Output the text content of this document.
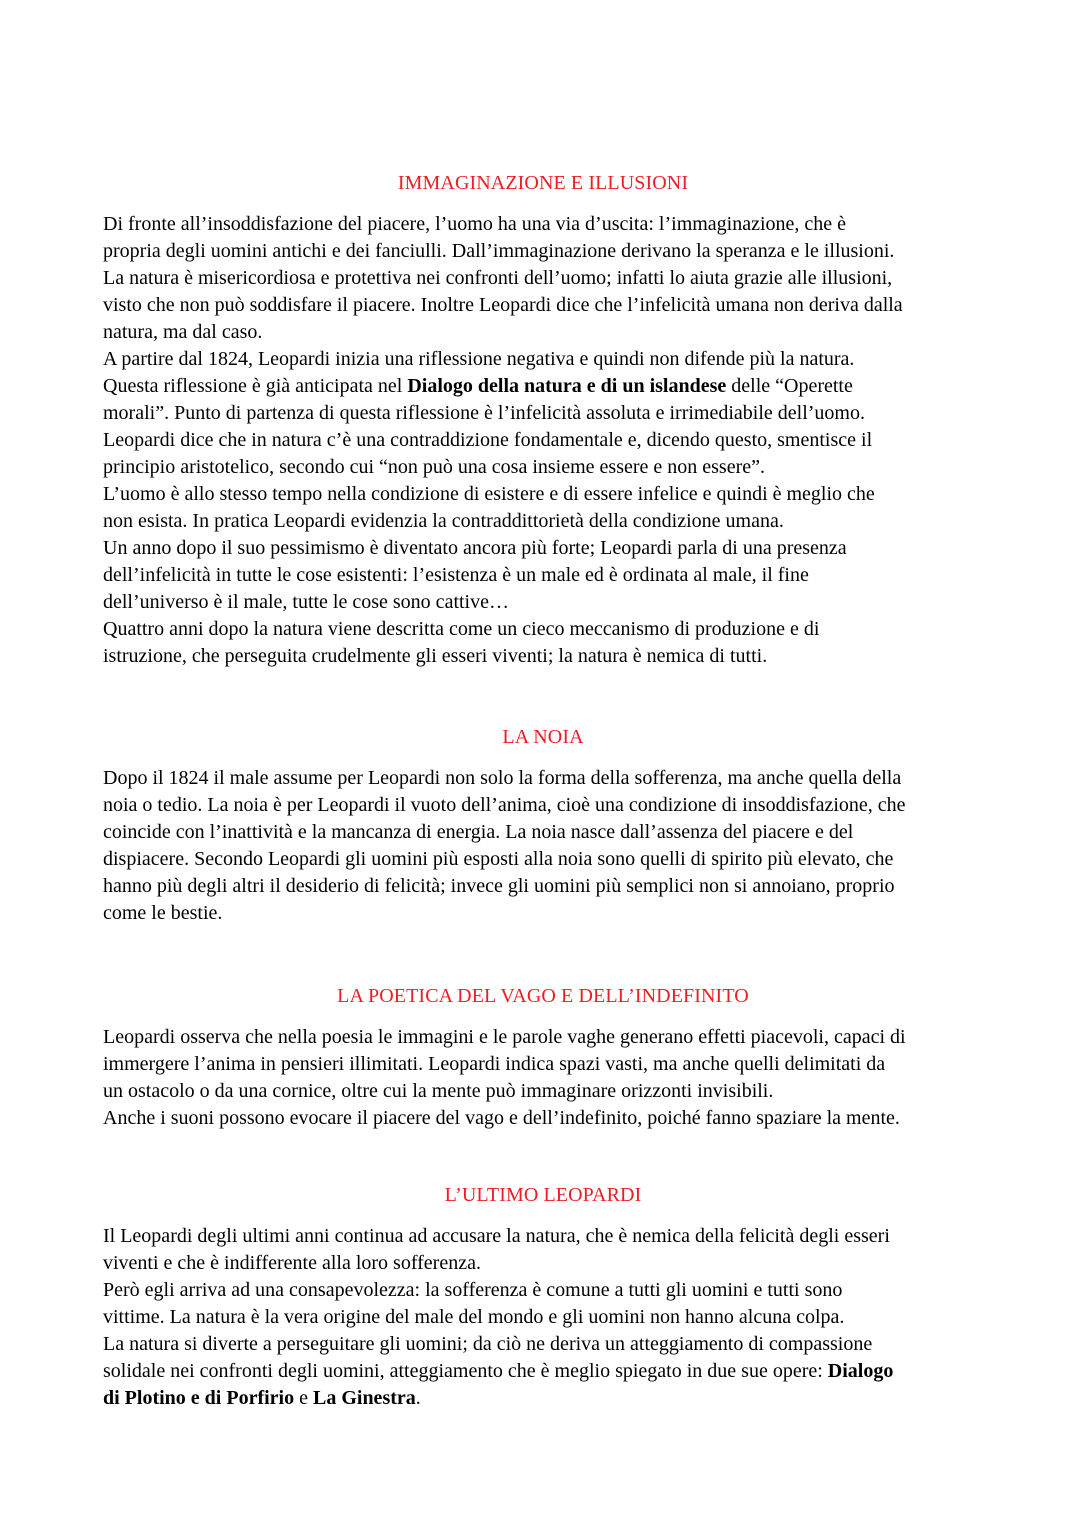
IMMAGINAZIONE E ILLUSIONI
Di fronte all’insoddisfazione del piacere, l’uomo ha una via d’uscita: l’immaginazione, che è
propria degli uomini antichi e dei fanciulli. Dall’immaginazione derivano la speranza e le illusioni.
La natura è misericordiosa e protettiva nei confronti dell’uomo; infatti lo aiuta grazie alle illusioni,
visto che non può soddisfare il piacere. Inoltre Leopardi dice che l’infelicità umana non deriva dalla
natura, ma dal caso.
A partire dal 1824, Leopardi inizia una riflessione negativa e quindi non difende più la natura.
Questa riflessione è già anticipata nel Dialogo della natura e di un islandese delle “Operette
morali”. Punto di partenza di questa riflessione è l’infelicità assoluta e irrimediabile dell’uomo.
Leopardi dice che in natura c’è una contraddizione fondamentale e, dicendo questo, smentisce il
principio aristotelico, secondo cui “non può una cosa insieme essere e non essere”.
L’uomo è allo stesso tempo nella condizione di esistere e di essere infelice e quindi è meglio che
non esista. In pratica Leopardi evidenzia la contraddittorietà della condizione umana.
Un anno dopo il suo pessimismo è diventato ancora più forte; Leopardi parla di una presenza
dell’infelicità in tutte le cose esistenti: l’esistenza è un male ed è ordinata al male, il fine
dell’universo è il male, tutte le cose sono cattive…
Quattro anni dopo la natura viene descritta come un cieco meccanismo di produzione e di
istruzione, che perseguita crudelmente gli esseri viventi; la natura è nemica di tutti.
LA NOIA
Dopo il 1824 il male assume per Leopardi non solo la forma della sofferenza, ma anche quella della
noia o tedio. La noia è per Leopardi il vuoto dell’anima, cioè una condizione di insoddisfazione, che
coincide con l’inattività e la mancanza di energia. La noia nasce dall’assenza del piacere e del
dispiacere. Secondo Leopardi gli uomini più esposti alla noia sono quelli di spirito più elevato, che
hanno più degli altri il desiderio di felicità; invece gli uomini più semplici non si annoiano, proprio
come le bestie.
LA POETICA DEL VAGO E DELL’INDEFINITO
Leopardi osserva che nella poesia le immagini e le parole vaghe generano effetti piacevoli, capaci di
immergere l’anima in pensieri illimitati. Leopardi indica spazi vasti, ma anche quelli delimitati da
un ostacolo o da una cornice, oltre cui la mente può immaginare orizzonti invisibili.
Anche i suoni possono evocare il piacere del vago e dell’indefinito, poiché fanno spaziare la mente.
L’ULTIMO LEOPARDI
Il Leopardi degli ultimi anni continua ad accusare la natura, che è nemica della felicità degli esseri
viventi e che è indifferente alla loro sofferenza.
Però egli arriva ad una consapevolezza: la sofferenza è comune a tutti gli uomini e tutti sono
vittime. La natura è la vera origine del male del mondo e gli uomini non hanno alcuna colpa.
La natura si diverte a perseguitare gli uomini; da ciò ne deriva un atteggiamento di compassione
solidale nei confronti degli uomini, atteggiamento che è meglio spiegato in due sue opere: Dialogo
di Plotino e di Porfirio e La Ginestra.
